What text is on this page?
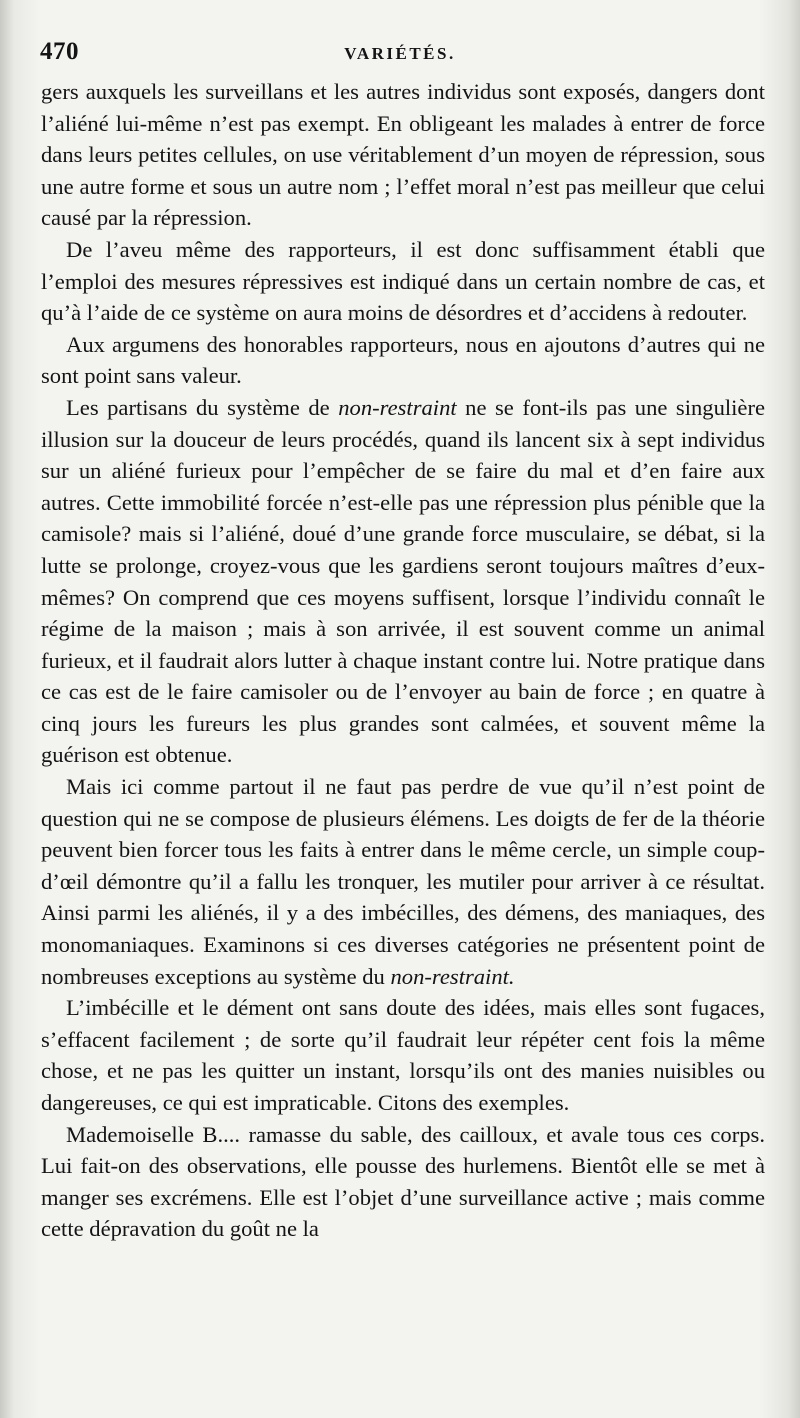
470	VARIÉTÉS.

gers auxquels les surveillans et les autres individus sont exposés, dangers dont l’aliéné lui-même n’est pas exempt. En obligeant les malades à entrer de force dans leurs petites cellules, on use véritablement d’un moyen de répression, sous une autre forme et sous un autre nom ; l’effet moral n’est pas meilleur que celui causé par la répression.

De l’aveu même des rapporteurs, il est donc suffisamment établi que l’emploi des mesures répressives est indiqué dans un certain nombre de cas, et qu’à l’aide de ce système on aura moins de désordres et d’accidens à redouter.

Aux argumens des honorables rapporteurs, nous en ajoutons d’autres qui ne sont point sans valeur.

Les partisans du système de non-restraint ne se font-ils pas une singulière illusion sur la douceur de leurs procédés, quand ils lancent six à sept individus sur un aliéné furieux pour l’empêcher de se faire du mal et d’en faire aux autres. Cette immobilité forcée n’est-elle pas une répression plus pénible que la camisole? mais si l’aliéné, doué d’une grande force musculaire, se débat, si la lutte se prolonge, croyez-vous que les gardiens seront toujours maîtres d’eux-mêmes? On comprend que ces moyens suffisent, lorsque l’individu connaît le régime de la maison ; mais à son arrivée, il est souvent comme un animal furieux, et il faudrait alors lutter à chaque instant contre lui. Notre pratique dans ce cas est de le faire camisoler ou de l’envoyer au bain de force ; en quatre à cinq jours les fureurs les plus grandes sont calmées, et souvent même la guérison est obtenue.

Mais ici comme partout il ne faut pas perdre de vue qu’il n’est point de question qui ne se compose de plusieurs élémens. Les doigts de fer de la théorie peuvent bien forcer tous les faits à entrer dans le même cercle, un simple coup-d’œil démontre qu’il a fallu les tronquer, les mutiler pour arriver à ce résultat. Ainsi parmi les aliénés, il y a des imbécilles, des démens, des maniaques, des monomaniaques. Examinons si ces diverses catégories ne présentent point de nombreuses exceptions au système du non-restraint.

L’imbécille et le dément ont sans doute des idées, mais elles sont fugaces, s’effacent facilement ; de sorte qu’il faudrait leur répéter cent fois la même chose, et ne pas les quitter un instant, lorsqu’ils ont des manies nuisibles ou dangereuses, ce qui est impraticable. Citons des exemples.

Mademoiselle B.... ramasse du sable, des cailloux, et avale tous ces corps. Lui fait-on des observations, elle pousse des hurlemens. Bientôt elle se met à manger ses excrémens. Elle est l’objet d’une surveillance active ; mais comme cette dépravation du goût ne la
